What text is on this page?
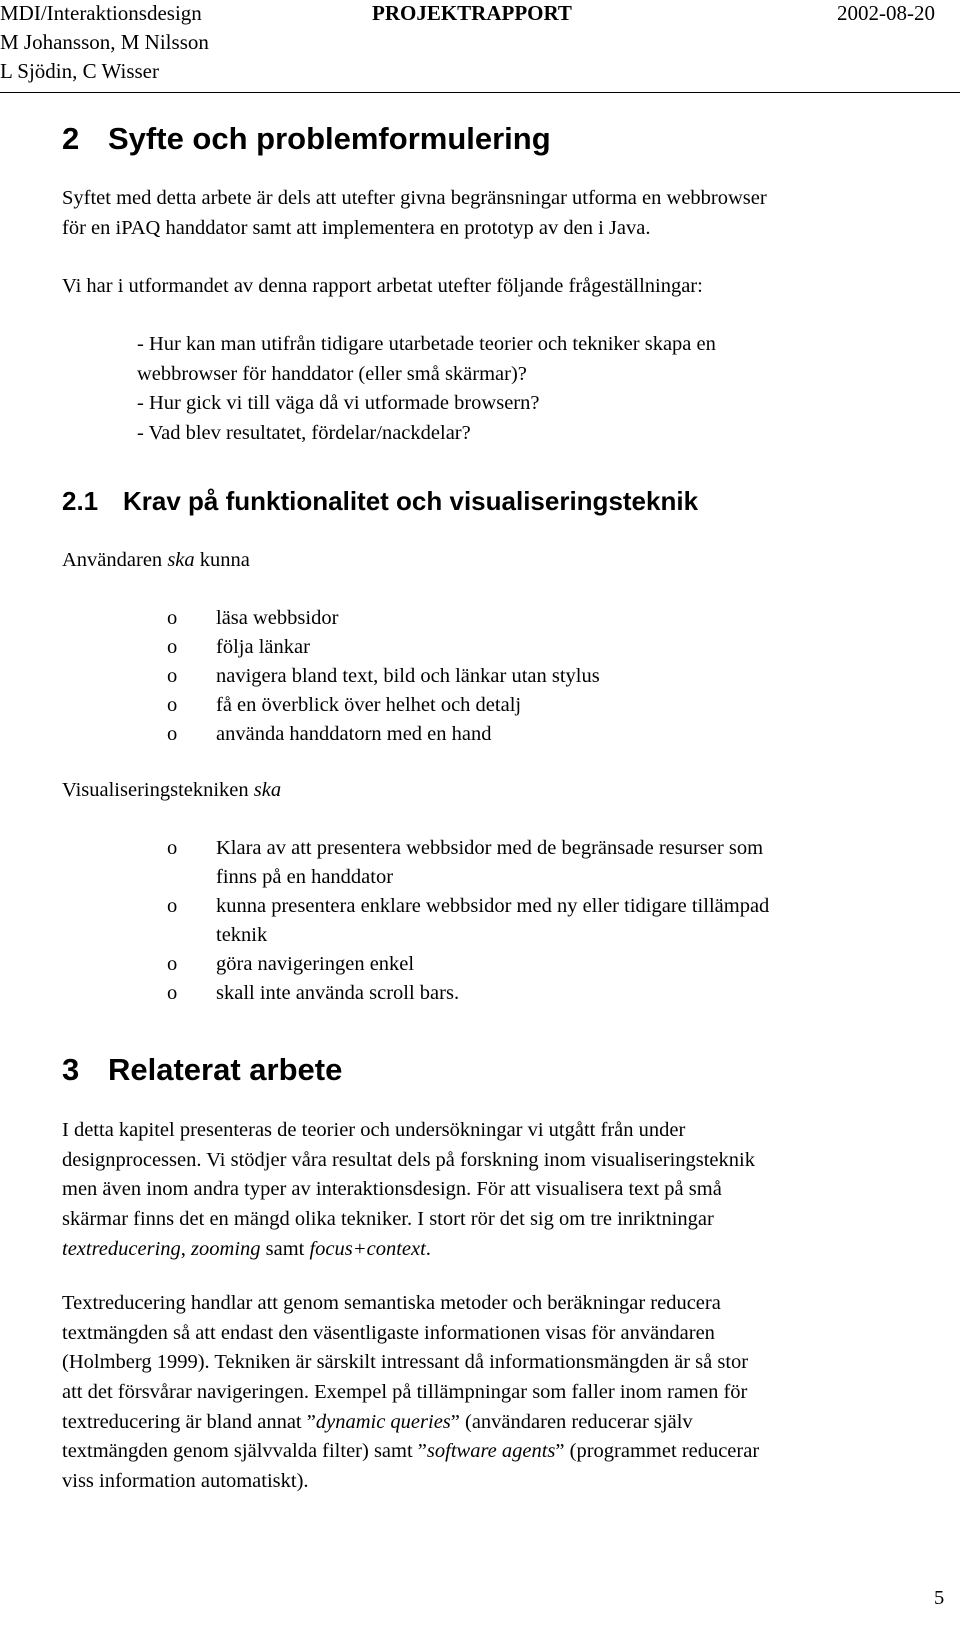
MDI/Interaktionsdesign	PROJEKTRAPPORT	2002-08-20
M Johansson, M Nilsson
L Sjödin, C Wisser
2 Syfte och problemformulering
Syftet med detta arbete är dels att utefter givna begränsningar utforma en webbrowser
för en iPAQ handdator samt att implementera en prototyp av den i Java.
Vi har i utformandet av denna rapport arbetat utefter följande frågeställningar:
- Hur kan man utifrån tidigare utarbetade teorier och tekniker skapa en
webbrowser för handdator (eller små skärmar)?
- Hur gick vi till väga då vi utformade browsern?
- Vad blev resultatet, fördelar/nackdelar?
2.1 Krav på funktionalitet och visualiseringsteknik
Användaren ska kunna
o läsa webbsidor
o följa länkar
o navigera bland text, bild och länkar utan stylus
o få en överblick över helhet och detalj
o använda handdatorn med en hand
Visualiseringstekniken ska
o Klara av att presentera webbsidor med de begränsade resurser som
finns på en handdator
o kunna presentera enklare webbsidor med ny eller tidigare tillämpad
teknik
o göra navigeringen enkel
o skall inte använda scroll bars.
3 Relaterat arbete
I detta kapitel presenteras de teorier och undersökningar vi utgått från under
designprocessen. Vi stödjer våra resultat dels på forskning inom visualiseringsteknik
men även inom andra typer av interaktionsdesign. För att visualisera text på små
skärmar finns det en mängd olika tekniker. I stort rör det sig om tre inriktningar
textreducering, zooming samt focus+context.
Textreducering handlar att genom semantiska metoder och beräkningar reducera
textmängden så att endast den väsentligaste informationen visas för användaren
(Holmberg 1999). Tekniken är särskilt intressant då informationsmängden är så stor
att det försvårar navigeringen. Exempel på tillämpningar som faller inom ramen för
textreducering är bland annat ”dynamic queries” (användaren reducerar själv
textmängden genom självvalda filter) samt ”software agents” (programmet reducerar
viss information automatiskt).
5
